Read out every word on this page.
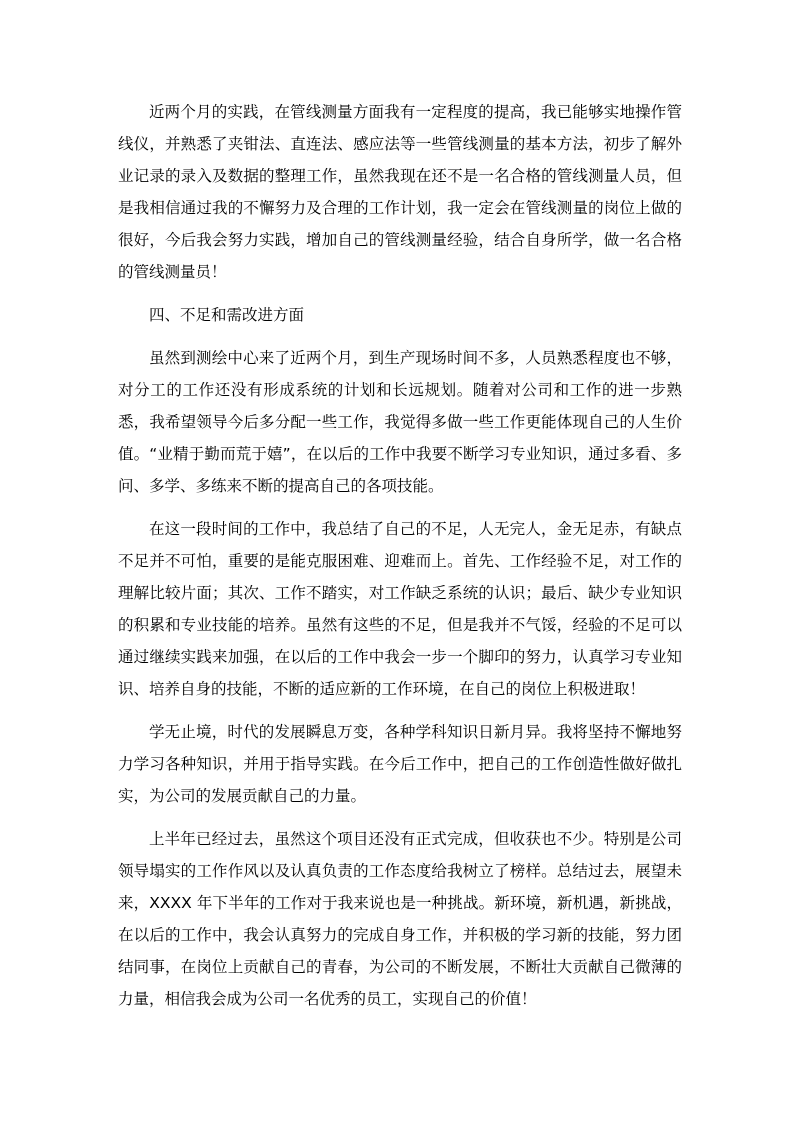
近两个月的实践，在管线测量方面我有一定程度的提高，我已能够实地操作管线仪，并熟悉了夹钳法、直连法、感应法等一些管线测量的基本方法，初步了解外业记录的录入及数据的整理工作，虽然我现在还不是一名合格的管线测量人员，但是我相信通过我的不懈努力及合理的工作计划，我一定会在管线测量的岗位上做的很好，今后我会努力实践，增加自己的管线测量经验，结合自身所学，做一名合格的管线测量员！

四、不足和需改进方面

虽然到测绘中心来了近两个月，到生产现场时间不多，人员熟悉程度也不够，对分工的工作还没有形成系统的计划和长远规划。随着对公司和工作的进一步熟悉，我希望领导今后多分配一些工作，我觉得多做一些工作更能体现自己的人生价值。“业精于勤而荒于嬉”，在以后的工作中我要不断学习专业知识，通过多看、多问、多学、多练来不断的提高自己的各项技能。

在这一段时间的工作中，我总结了自己的不足，人无完人，金无足赤，有缺点不足并不可怕，重要的是能克服困难、迎难而上。首先、工作经验不足，对工作的理解比较片面；其次、工作不踏实，对工作缺乏系统的认识；最后、缺少专业知识的积累和专业技能的培养。虽然有这些的不足，但是我并不气馁，经验的不足可以通过继续实践来加强，在以后的工作中我会一步一个脚印的努力，认真学习专业知识、培养自身的技能，不断的适应新的工作环境，在自己的岗位上积极进取！

学无止境，时代的发展瞬息万变，各种学科知识日新月异。我将坚持不懈地努力学习各种知识，并用于指导实践。在今后工作中，把自己的工作创造性做好做扎实，为公司的发展贡献自己的力量。

上半年已经过去，虽然这个项目还没有正式完成，但收获也不少。特别是公司领导塌实的工作作风以及认真负责的工作态度给我树立了榜样。总结过去，展望未来，XXXX 年下半年的工作对于我来说也是一种挑战。新环境，新机遇，新挑战，在以后的工作中，我会认真努力的完成自身工作，并积极的学习新的技能，努力团结同事，在岗位上贡献自己的青春，为公司的不断发展，不断壮大贡献自己微薄的力量，相信我会成为公司一名优秀的员工，实现自己的价值！
